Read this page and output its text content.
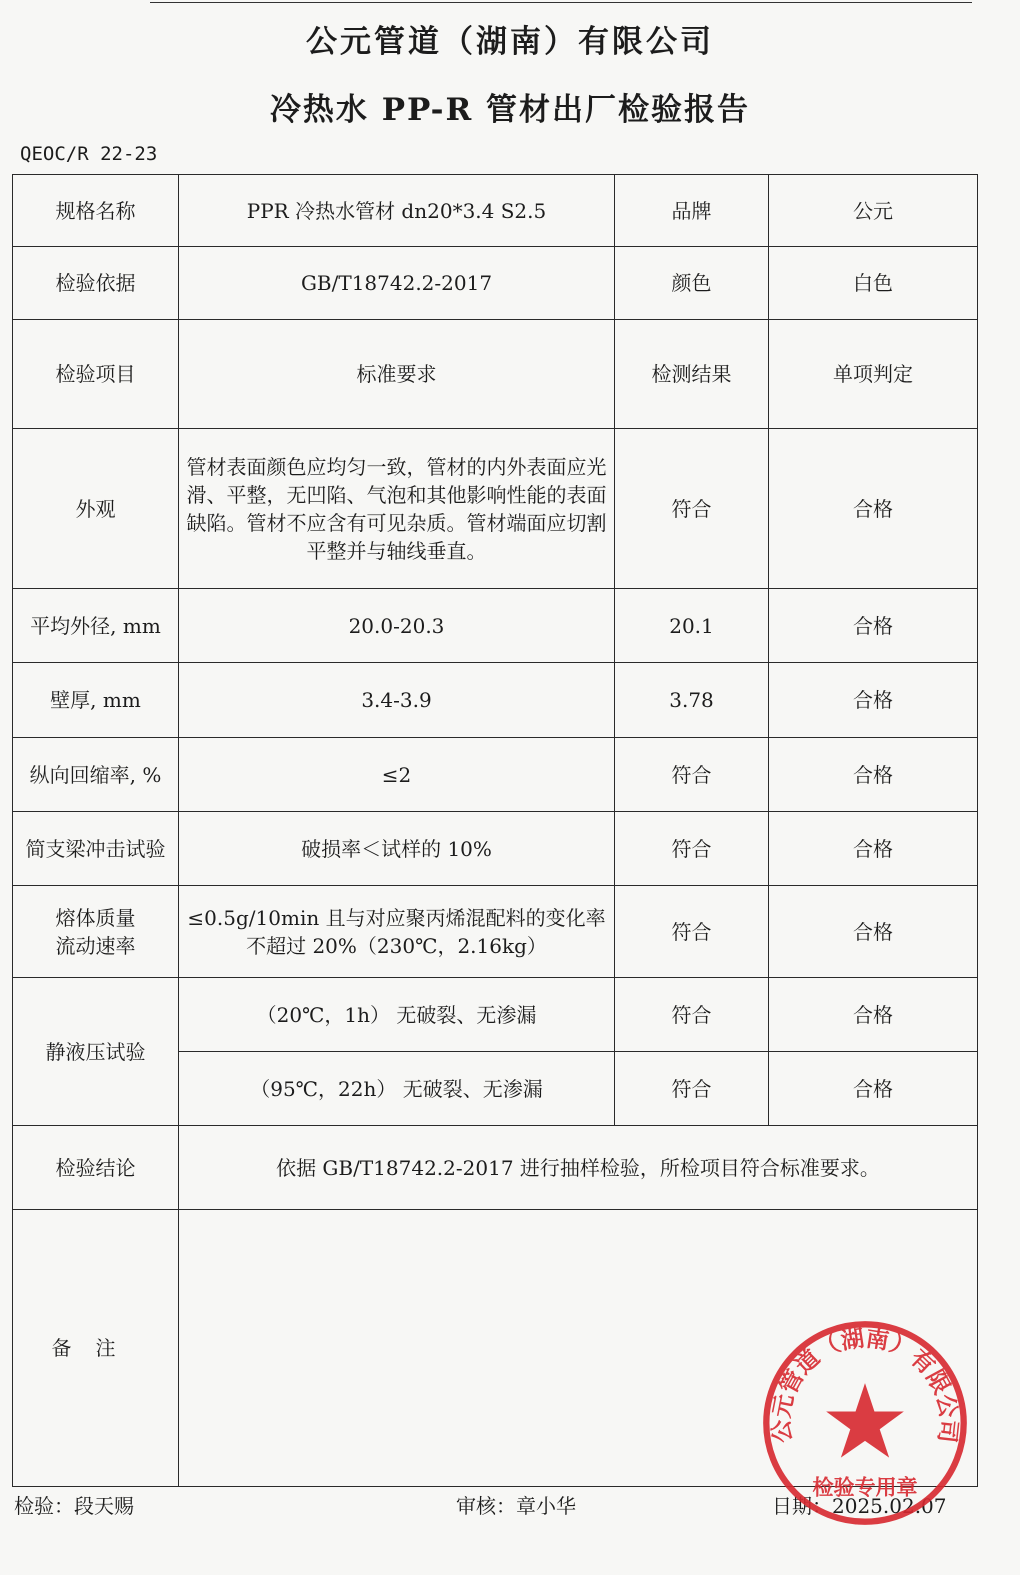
公元管道（湖南）有限公司
冷热水 PP-R 管材出厂检验报告
QEOC/R 22-23
规格名称	PPR 冷热水管材 dn20*3.4 S2.5	品牌	公元
检验依据	GB/T18742.2-2017	颜色	白色
检验项目	标准要求	检测结果	单项判定
外观	管材表面颜色应均匀一致，管材的内外表面应光滑、平整，无凹陷、气泡和其他影响性能的表面缺陷。管材不应含有可见杂质。管材端面应切割平整并与轴线垂直。	符合	合格
平均外径, mm	20.0-20.3	20.1	合格
壁厚, mm	3.4-3.9	3.78	合格
纵向回缩率, %	≤2	符合	合格
简支梁冲击试验	破损率＜试样的 10%	符合	合格

熔体质量
流动速率	≤0.5g/10min 且与对应聚丙烯混配料的变化率不超过 20%（230℃，2.16kg）	符合	合格
静液压试验	（20℃，1h） 无破裂、无渗漏	符合	合格
	（95℃，22h） 无破裂、无渗漏	符合	合格
检验结论	依据 GB/T18742.2-2017 进行抽样检验，所检项目符合标准要求。		
备注			
检验：段天赐	审核：章小华	日期：2025.02.07
公元管道（湖南）有限公司
检验专用章
